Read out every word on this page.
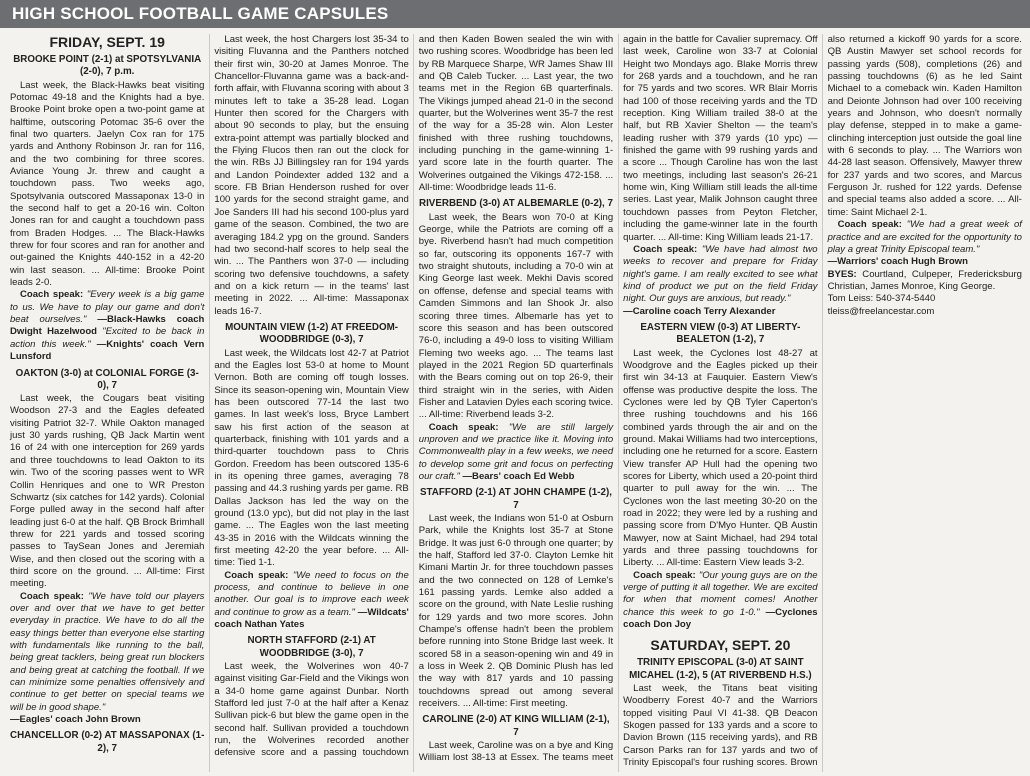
HIGH SCHOOL FOOTBALL GAME CAPSULES
FRIDAY, SEPT. 19
BROOKE POINT (2-1) at SPOTSYLVANIA (2-0), 7 p.m.

Last week, the Black-Hawks beat visiting Potomac 49-18 and the Knights had a bye. Brooke Point broke open a two-point game at halftime, outscoring Potomac 35-6 over the final two quarters. Jaelyn Cox ran for 175 yards and Anthony Robinson Jr. ran for 116, and the two combining for three scores. Aviance Young Jr. threw and caught a touchdown pass. Two weeks ago, Spotsylvania outscored Massaponax 13-0 in the second half to get a 20-16 win. Colton Jones ran for and caught a touchdown pass from Braden Hodges. ... The Black-Hawks threw for four scores and ran for another and out-gained the Knights 440-152 in a 42-20 win last season. ... All-time: Brooke Point leads 2-0.

Coach speak: "Every week is a big game to us. We have to play our game and don't beat ourselves." —Black-Hawks coach Dwight Hazelwood "Excited to be back in action this week." —Knights' coach Vern Lunsford

OAKTON (3-0) at COLONIAL FORGE (3-0), 7

Last week, the Cougars beat visiting Woodson 27-3 and the Eagles defeated visiting Patriot 32-7. While Oakton managed just 30 yards rushing, QB Jack Martin went 16 of 24 with one interception for 269 yards and three touchdowns to lead Oakton to its win. Two of the scoring passes went to WR Collin Henriques and one to WR Preston Schwartz (six catches for 142 yards). Colonial Forge pulled away in the second half after leading just 6-0 at the half. QB Brock Brimhall threw for 221 yards and tossed scoring passes to TaySean Jones and Jeremiah Wise, and then closed out the scoring with a third score on the ground. ... All-time: First meeting.

Coach speak: "We have told our players over and over that we have to get better everyday in practice. We have to do all the easy things better than everyone else starting with fundamentals like running to the ball, being great tacklers, being great run blockers and being great at catching the football. If we can minimize some penalties offensively and continue to get better on special teams we will be in good shape."

—Eagles' coach John Brown

CHANCELLOR (0-2) AT MASSAPONAX (1-2), 7

Last week, the host Chargers lost 35-34 to visiting Fluvanna and the Panthers notched their first win, 30-20 at James Monroe. The Chancellor-Fluvanna game was a back-and-forth affair, with Fluvanna scoring with about 3 minutes left to take a 35-28 lead. Logan Hunter then scored for the Chargers with about 90 seconds to play, but the ensuing extra-point attempt was partially blocked and the Flying Flucos then ran out the clock for the win. RBs JJ Billingsley ran for 194 yards and Landon Poindexter added 132 and a score. FB Brian Henderson rushed for over 100 yards for the second straight game, and Joe Sanders III had his second 100-plus yard game of the season. Combined, the two are averaging 184.2 ypg on the ground. Sanders had two second-half scores to help seal the win. ... The Panthers won 37-0 — including scoring two defensive touchdowns, a safety and on a kick return — in the teams' last meeting in 2022. ... All-time: Massaponax leads 16-7.

MOUNTAIN VIEW (1-2) AT FREEDOM-WOODBRIDGE (0-3), 7

Last week, the Wildcats lost 42-7 at Patriot and the Eagles lost 53-0 at home to Mount Vernon. Both are coming off tough losses. Since its season-opening win, Mountain View has been outscored 77-14 the last two games. In last week's loss, Bryce Lambert saw his first action of the season at quarterback, finishing with 101 yards and a third-quarter touchdown pass to Chris Gordon. Freedom has been outscored 135-6 in its opening three games, averaging 78 passing and 44.3 rushing yards per game. RB Dallas Jackson has led the way on the ground (13.0 ypc), but did not play in the last game. ... The Eagles won the last meeting 43-35 in 2016 with the Wildcats winning the first meeting 42-20 the year before. ... All-time: Tied 1-1.

Coach speak: "We need to focus on the process, and continue to believe in one another. Our goal is to improve each week and continue to grow as a team." —Wildcats' coach Nathan Yates

NORTH STAFFORD (2-1) AT WOODBRIDGE (3-0), 7

Last week, the Wolverines won 40-7 against visiting Gar-Field and the Vikings won a 34-0 home game against Dunbar. North Stafford led just 7-0 at the half after a Kenaz Sullivan pick-6 but blew the game open in the second half. Sullivan provided a touchdown run, the Wolverines recorded another defensive score and a passing touchdown and then Kaden Bowen sealed the win with two rushing scores. Woodbridge has been led by RB Marquece Sharpe, WR James Shaw III and QB Caleb Tucker. ... Last year, the two teams met in the Region 6B quarterfinals. The Vikings jumped ahead 21-0 in the second quarter, but the Wolverines went 35-7 the rest of the way for a 35-28 win. Alon Lester finished with three rushing touchdowns, including punching in the game-winning 1-yard score late in the fourth quarter. The Wolverines outgained the Vikings 472-158. ... All-time: Woodbridge leads 11-6.

RIVERBEND (3-0) AT ALBEMARLE (0-2), 7

Last week, the Bears won 70-0 at King George, while the Patriots are coming off a bye. Riverbend hasn't had much competition so far, outscoring its opponents 167-7 with two straight shutouts, including a 70-0 win at King George last week. Mekhi Davis scored on offense, defense and special teams with Camden Simmons and Ian Shook Jr. also scoring three times. Albemarle has yet to score this season and has been outscored 76-0, including a 49-0 loss to visiting William Fleming two weeks ago. ... The teams last played in the 2021 Region 5D quarterfinals with the Bears coming out on top 26-9, their third straight win in the series, with Aiden Fisher and Latavien Dyles each scoring twice. ... All-time: Riverbend leads 3-2.

Coach speak: "We are still largely unproven and we practice like it. Moving into Commonwealth play in a few weeks, we need to develop some grit and focus on perfecting our craft." —Bears' coach Ed Webb

STAFFORD (2-1) AT JOHN CHAMPE (1-2), 7

Last week, the Indians won 51-0 at Osburn Park, while the Knights lost 35-7 at Stone Bridge. It was just 6-0 through one quarter; by the half, Stafford led 37-0. Clayton Lemke hit Kimani Martin Jr. for three touchdown passes and the two connected on 128 of Lemke's 161 passing yards. Lemke also added a score on the ground, with Nate Leslie rushing for 129 yards and two more scores. John Champe's offense hadn't been the problem before running into Stone Bridge last week. It scored 58 in a season-opening win and 49 in a loss in Week 2. QB Dominic Plush has led the way with 817 yards and 10 passing touchdowns spread out among several receivers. ... All-time: First meeting.

CAROLINE (2-0) AT KING WILLIAM (2-1), 7

Last week, Caroline was on a bye and King William lost 38-13 at Essex. The teams meet again in the battle for Cavalier supremacy. Off last week, Caroline won 33-7 at Colonial Height two Mondays ago. Blake Morris threw for 268 yards and a touchdown, and he ran for 75 yards and two scores. WR Blair Morris had 100 of those receiving yards and the TD reception. King William trailed 38-0 at the half, but RB Xavier Shelton — the team's leading rusher with 379 yards (10 ypc) — finished the game with 99 rushing yards and a score ... Though Caroline has won the last two meetings, including last season's 26-21 home win, King William still leads the all-time series. Last year, Malik Johnson caught three touchdown passes from Peyton Fletcher, including the game-winner late in the fourth quarter. ... All-time: King William leads 21-17.

Coach speak: "We have had almost two weeks to recover and prepare for Friday night's game. I am really excited to see what kind of product we put on the field Friday night. Our guys are anxious, but ready."

—Caroline coach Terry Alexander

EASTERN VIEW (0-3) AT LIBERTY-BEALETON (1-2), 7

Last week, the Cyclones lost 48-27 at Woodgrove and the Eagles picked up their first win 34-13 at Fauquier. Eastern View's offense was productive despite the loss. The Cyclones were led by QB Tyler Caperton's three rushing touchdowns and his 166 combined yards through the air and on the ground. Makai Williams had two interceptions, including one he returned for a score. Eastern View transfer AP Hull had the opening two scores for Liberty, which used a 20-point third quarter to pull away for the win. ... The Cyclones won the last meeting 30-20 on the road in 2022; they were led by a rushing and passing score from D'Myo Hunter. QB Austin Mawyer, now at Saint Michael, had 294 total yards and three passing touchdowns for Liberty. ... All-time: Eastern View leads 3-2.

Coach speak: "Our young guys are on the verge of putting it all together. We are excited for when that moment comes! Another chance this week to go 1-0." —Cyclones coach Don Joy

SATURDAY, SEPT. 20
TRINITY EPISCOPAL (3-0) AT SAINT MICAHEL (1-2), 5 (AT RIVERBEND H.S.)

Last week, the Titans beat visiting Woodberry Forest 40-7 and the Warriors topped visiting Paul VI 41-38. QB Deacon Skogen passed for 133 yards and a score to Davion Brown (115 receiving yards), and RB Carson Parks ran for 137 yards and two of Trinity Episcopal's four rushing scores. Brown also returned a kickoff 90 yards for a score. QB Austin Mawyer set school records for passing yards (508), completions (26) and passing touchdowns (6) as he led Saint Michael to a comeback win. Kaden Hamilton and Deionte Johnson had over 100 receiving years and Johnson, who doesn't normally play defense, stepped in to make a game-clinching interception just outside the goal line with 6 seconds to play. ... The Warriors won 44-28 last season. Offensively, Mawyer threw for 237 yards and two scores, and Marcus Ferguson Jr. rushed for 122 yards. Defense and special teams also added a score. ... All-time: Saint Michael 2-1.

Coach speak: "We had a great week of practice and are excited for the opportunity to play a great Trinity Episcopal team."

—Warriors' coach Hugh Brown

BYES: Courtland, Culpeper, Fredericksburg Christian, James Monroe, King George.

Tom Leiss: 540-374-5440
tleiss@freelancestar.com
